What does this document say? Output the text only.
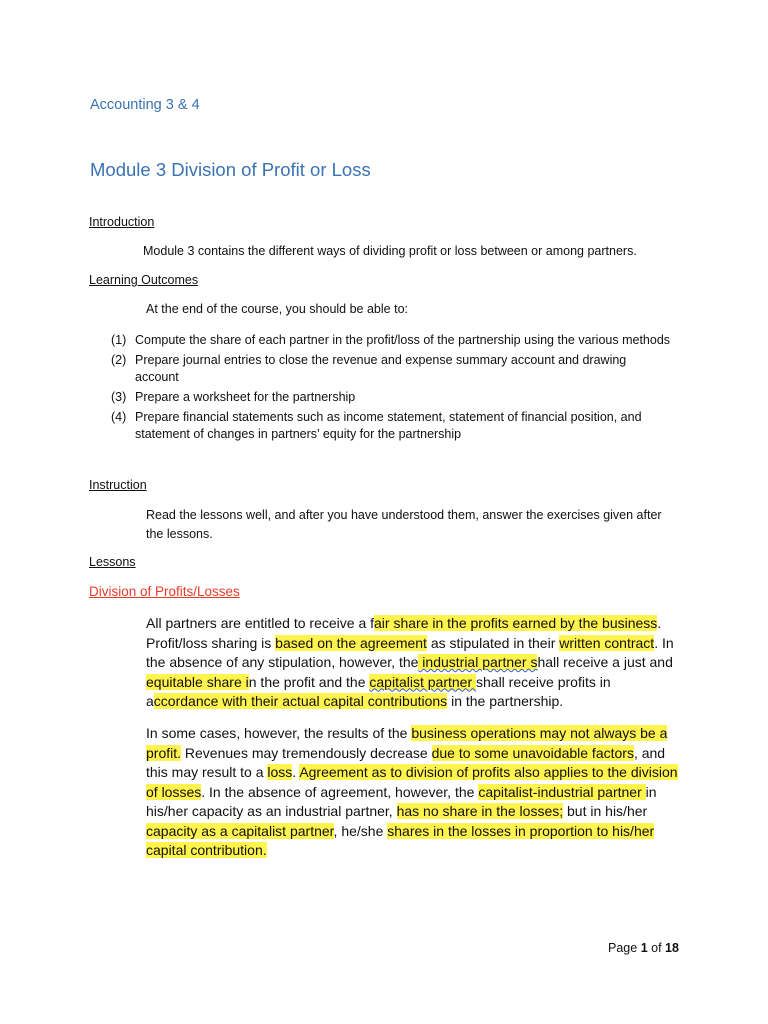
Accounting 3 & 4
Module 3 Division of Profit or Loss
Introduction
Module 3 contains the different ways of dividing profit or loss between or among partners.
Learning Outcomes
At the end of the course, you should be able to:
(1) Compute the share of each partner in the profit/loss of the partnership using the various methods
(2) Prepare journal entries to close the revenue and expense summary account and drawing account
(3) Prepare a worksheet for the partnership
(4) Prepare financial statements such as income statement, statement of financial position, and statement of changes in partners’ equity for the partnership
Instruction
Read the lessons well, and after you have understood them, answer the exercises given after the lessons.
Lessons
Division of Profits/Losses
All partners are entitled to receive a fair share in the profits earned by the business. Profit/loss sharing is based on the agreement as stipulated in their written contract. In the absence of any stipulation, however, the industrial partner shall receive a just and equitable share in the profit and the capitalist partner shall receive profits in accordance with their actual capital contributions in the partnership.
In some cases, however, the results of the business operations may not always be a profit. Revenues may tremendously decrease due to some unavoidable factors, and this may result to a loss. Agreement as to division of profits also applies to the division of losses. In the absence of agreement, however, the capitalist-industrial partner in his/her capacity as an industrial partner, has no share in the losses; but in his/her capacity as a capitalist partner, he/she shares in the losses in proportion to his/her capital contribution.
Page 1 of 18
